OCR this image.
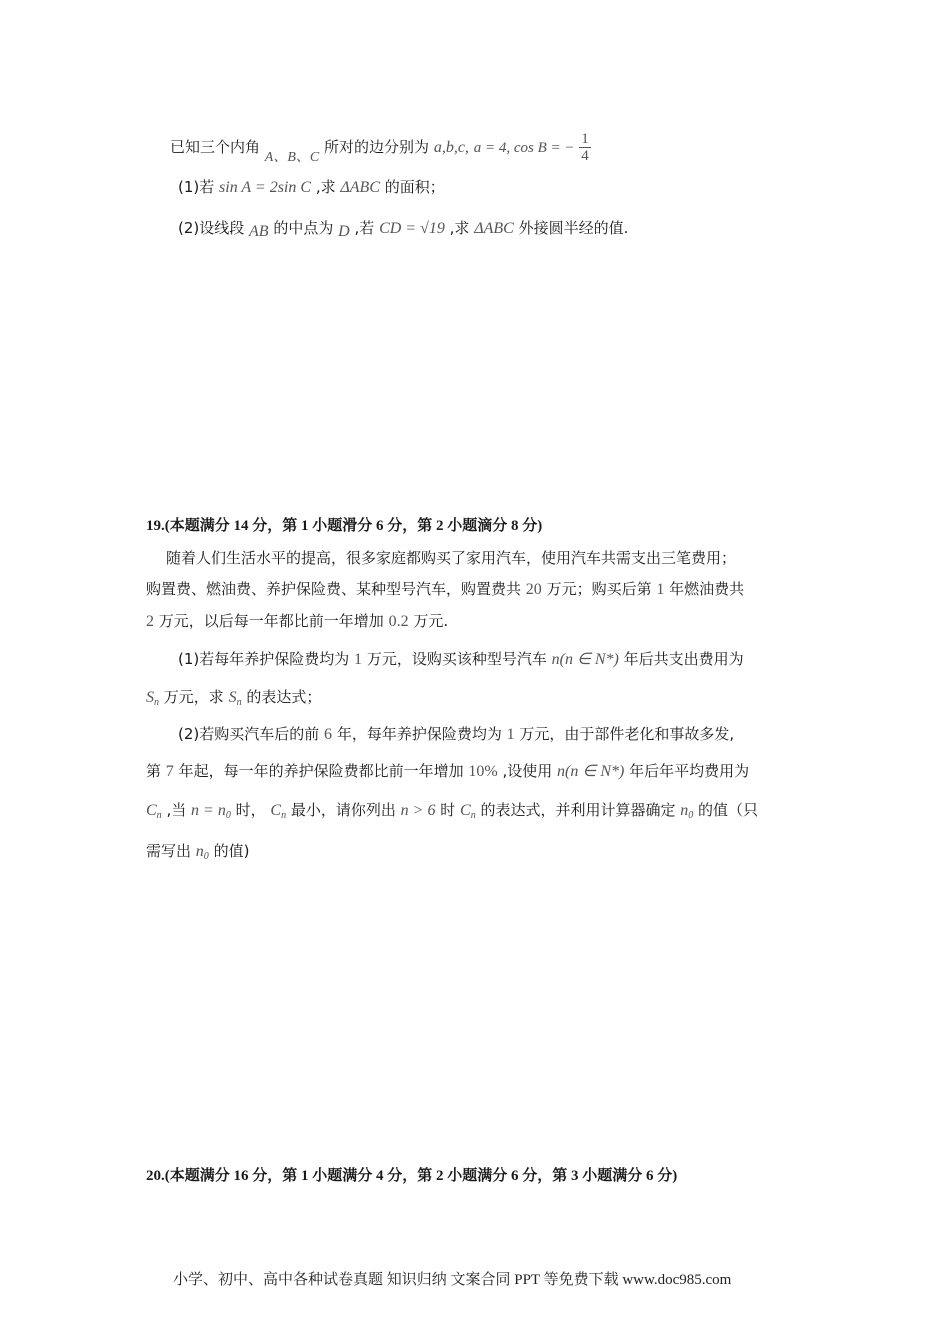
已知三个内角 A、B、C 所对的边分别为 a,b,c, a = 4, cos B = − $\frac{1}{4}$
(1)若 sin A = 2sin C ,求 ΔABC 的面积；
(2)设线段 AB 的中点为 D ,若 CD = √19 ,求 ΔABC 外接圆半经的值.
19.(本题满分 14 分，第 1 小题滑分 6 分，第 2 小题滴分 8 分)
随着人们生活水平的提高，很多家庭都购买了家用汽车，使用汽车共需支出三笔费用；
购置费、燃油费、养护保险费、某种型号汽车，购置费共 20 万元；购买后第 1 年燃油费共
2 万元，以后每一年都比前一年增加 0.2 万元.
(1)若每年养护保险费均为 1 万元，设购买该种型号汽车 n(n ∈ N*) 年后共支出费用为
$S_n$ 万元，求 $S_n$ 的表达式；
(2)若购买汽车后的前 6 年，每年养护保险费均为 1 万元，由于部件老化和事故多发,
第 7 年起，每一年的养护保险费都比前一年增加 10% ,设使用 n(n ∈ N*) 年后年平均费用为
$C_n$ ,当 $n = n_0$ 时， $C_n$ 最小，请你列出 n > 6 时 $C_n$ 的表达式，并利用计算器确定 $n_0$ 的值（只
需写出 $n_0$ 的值)
20.(本题满分 16 分，第 1 小题满分 4 分，第 2 小题满分 6 分，第 3 小题满分 6 分)
小学、初中、高中各种试卷真题 知识归纳 文案合同 PPT 等免费下载 www.doc985.com
